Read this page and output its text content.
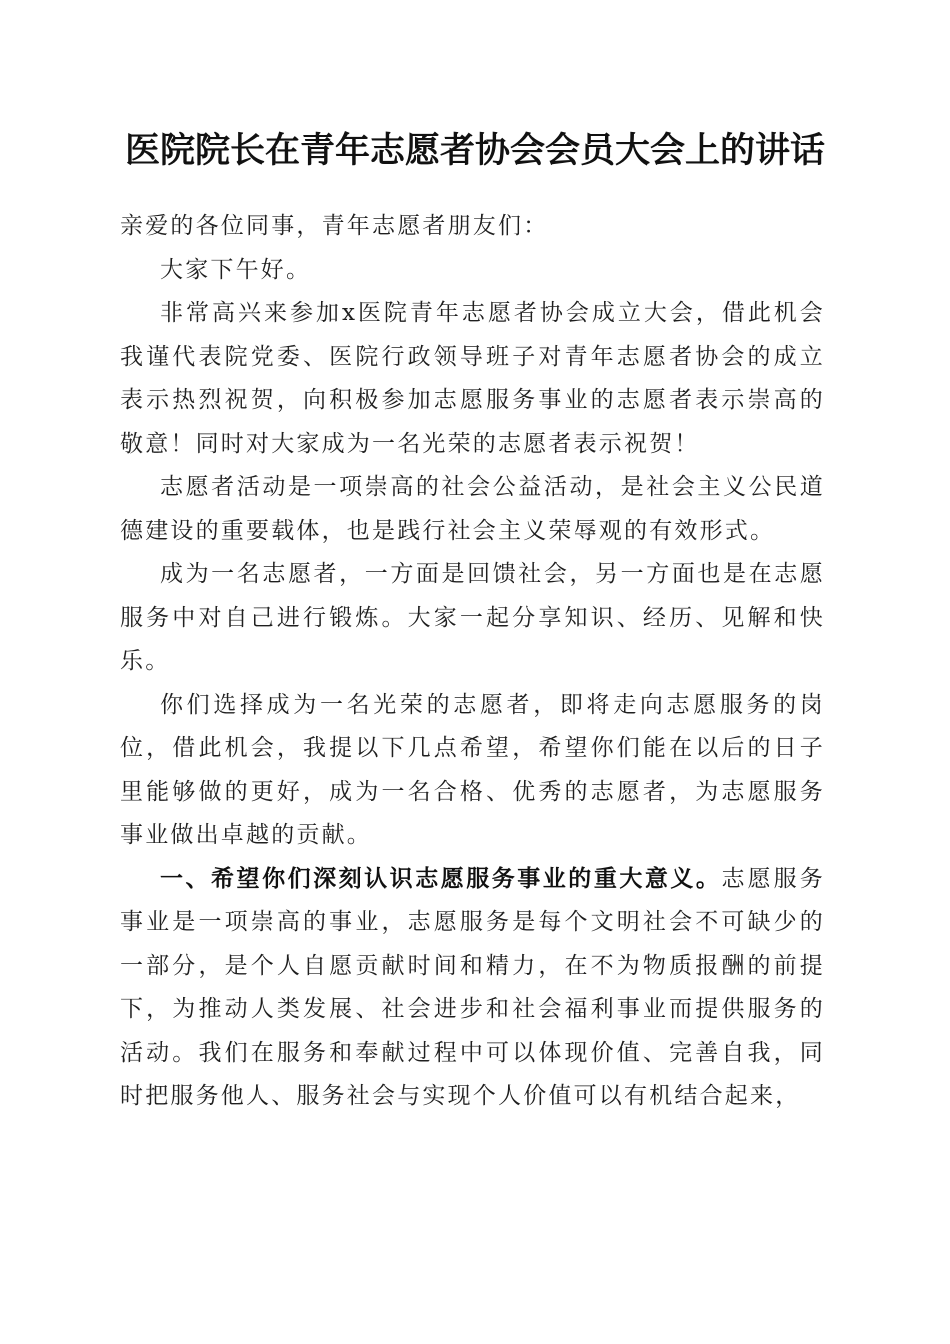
医院院长在青年志愿者协会会员大会上的讲话

亲爱的各位同事，青年志愿者朋友们：

大家下午好。

非常高兴来参加x医院青年志愿者协会成立大会，借此机会我谨代表院党委、医院行政领导班子对青年志愿者协会的成立表示热烈祝贺，向积极参加志愿服务事业的志愿者表示崇高的敬意！同时对大家成为一名光荣的志愿者表示祝贺！

志愿者活动是一项崇高的社会公益活动，是社会主义公民道德建设的重要载体，也是践行社会主义荣辱观的有效形式。

成为一名志愿者，一方面是回馈社会，另一方面也是在志愿服务中对自己进行锻炼。大家一起分享知识、经历、见解和快乐。

你们选择成为一名光荣的志愿者，即将走向志愿服务的岗位，借此机会，我提以下几点希望，希望你们能在以后的日子里能够做的更好，成为一名合格、优秀的志愿者，为志愿服务事业做出卓越的贡献。

一、希望你们深刻认识志愿服务事业的重大意义。志愿服务事业是一项崇高的事业，志愿服务是每个文明社会不可缺少的一部分，是个人自愿贡献时间和精力，在不为物质报酬的前提下，为推动人类发展、社会进步和社会福利事业而提供服务的活动。我们在服务和奉献过程中可以体现价值、完善自我，同时把服务他人、服务社会与实现个人价值可以有机结合起来，
